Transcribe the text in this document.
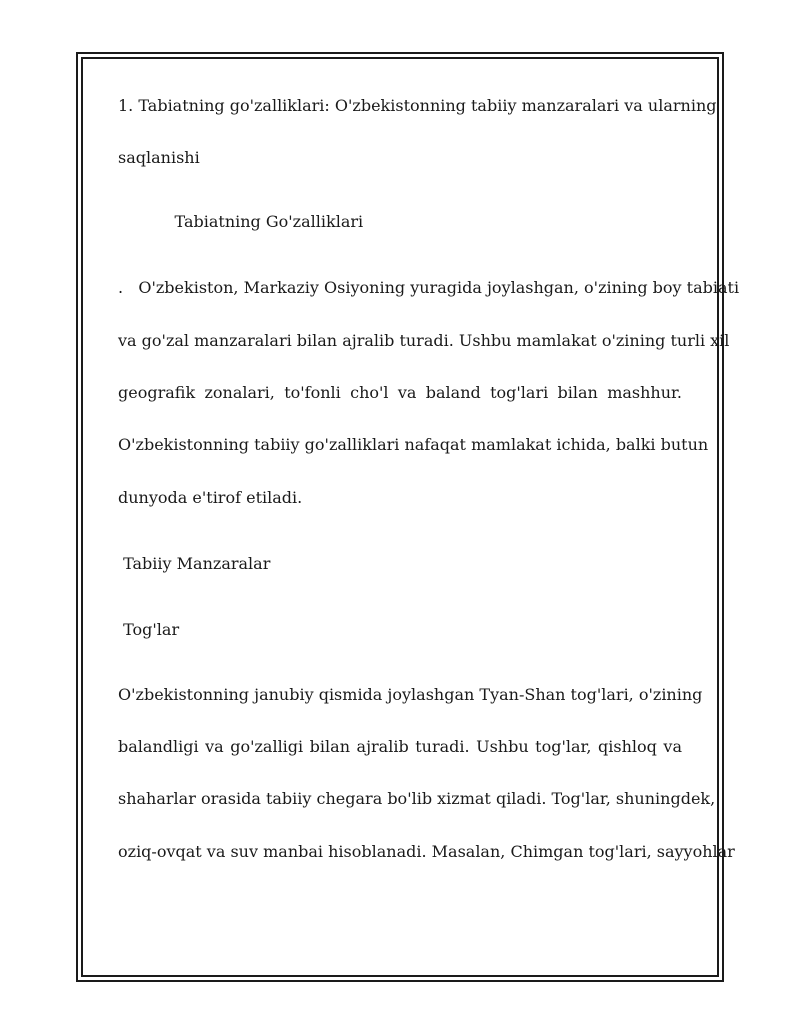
1. Tabiatning go'zalliklari: O'zbekistonning tabiiy manzaralari va ularning
saqlanishi
Tabiatning Go'zalliklari
.   O'zbekiston, Markaziy Osiyoning yuragida joylashgan, o'zining boy tabiati
va go'zal manzaralari bilan ajralib turadi. Ushbu mamlakat o'zining turli xil
geografik zonalari, to'fonli cho'l va baland tog'lari bilan mashhur.
O'zbekistonning tabiiy go'zalliklari nafaqat mamlakat ichida, balki butun
dunyoda e'tirof etiladi.
Tabiiy Manzaralar
Tog'lar
O'zbekistonning janubiy qismida joylashgan Tyan-Shan tog'lari, o'zining
balandligi va go'zalligi bilan ajralib turadi. Ushbu tog'lar, qishloq va
shaharlar orasida tabiiy chegara bo'lib xizmat qiladi. Tog'lar, shuningdek,
oziq-ovqat va suv manbai hisoblanadi. Masalan, Chimgan tog'lari, sayyohlar
